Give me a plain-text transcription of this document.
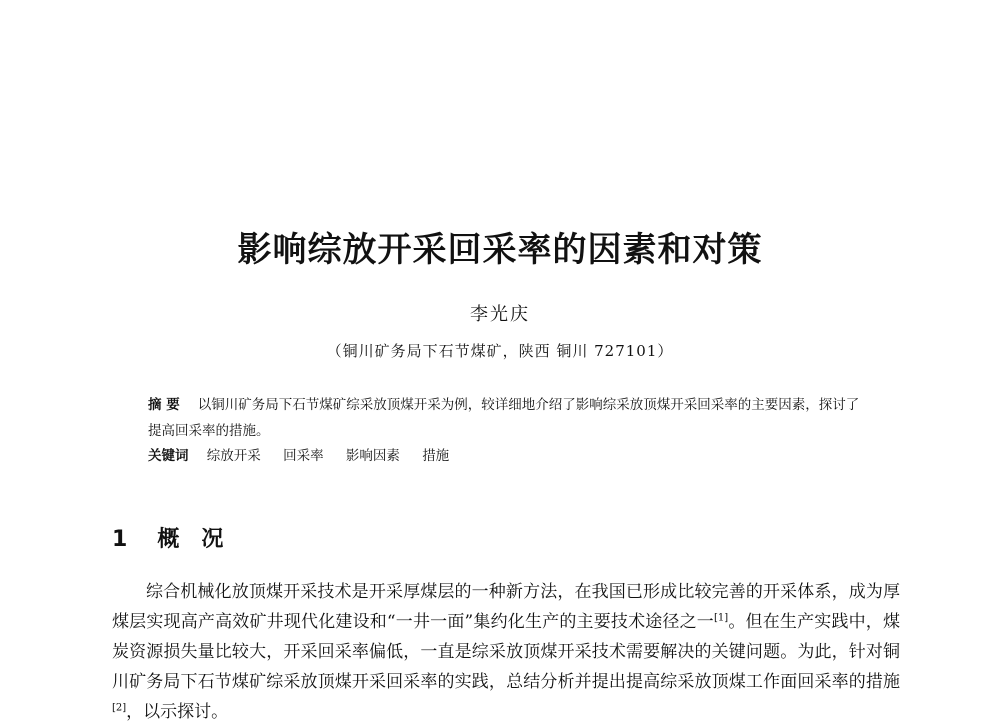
影响综放开采回采率的因素和对策
李光庆
（铜川矿务局下石节煤矿，陕西 铜川 727101）
摘 要 以铜川矿务局下石节煤矿综采放顶煤开采为例，较详细地介绍了影响综采放顶煤开采回采率的主要因素，探讨了提高回采率的措施。
关键词 综放开采 回采率 影响因素 措施
1 概况
综合机械化放顶煤开采技术是开采厚煤层的一种新方法，在我国已形成比较完善的开采体系，成为厚煤层实现高产高效矿井现代化建设和“一井一面”集约化生产的主要技术途径之一[1]。但在生产实践中，煤炭资源损失量比较大，开采回采率偏低，一直是综采放顶煤开采技术需要解决的关键问题。为此，针对铜川矿务局下石节煤矿综采放顶煤开采回采率的实践，总结分析并提出提高综采放顶煤工作面回采率的措施[2]，以示探讨。
